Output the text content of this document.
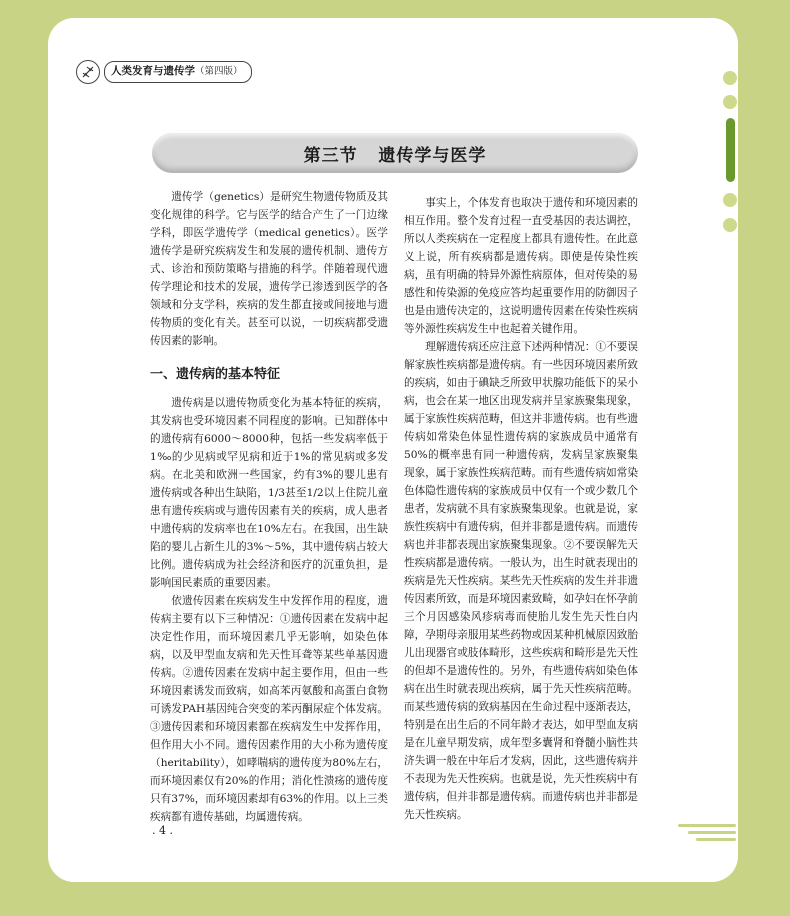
人类发育与遗传学（第四版）
第三节   遗传学与医学

遗传学（genetics）是研究生物遗传物质及其变化规律的科学。它与医学的结合产生了一门边缘学科，即医学遗传学（medical genetics）。医学遗传学是研究疾病发生和发展的遗传机制、遗传方式、诊治和预防策略与措施的科学。伴随着现代遗传学理论和技术的发展，遗传学已渗透到医学的各领域和分支学科，疾病的发生都直接或间接地与遗传物质的变化有关。甚至可以说，一切疾病都受遗传因素的影响。

一、遗传病的基本特征

遗传病是以遗传物质变化为基本特征的疾病，其发病也受环境因素不同程度的影响。已知群体中的遗传病有6000～8000种，包括一些发病率低于1‰的少见病或罕见病和近于1%的常见病或多发病。在北美和欧洲一些国家，约有3%的婴儿患有遗传病或各种出生缺陷，1/3甚至1/2以上住院儿童患有遗传疾病或与遗传因素有关的疾病，成人患者中遗传病的发病率也在10%左右。在我国，出生缺陷的婴儿占新生儿的3%～5%，其中遗传病占较大比例。遗传病成为社会经济和医疗的沉重负担，是影响国民素质的重要因素。

依遗传因素在疾病发生中发挥作用的程度，遗传病主要有以下三种情况：①遗传因素在发病中起决定性作用，而环境因素几乎无影响，如染色体病，以及甲型血友病和先天性耳聋等某些单基因遗传病。②遗传因素在发病中起主要作用，但由一些环境因素诱发而致病，如高苯丙氨酸和高蛋白食物可诱发PAH基因纯合突变的苯丙酮尿症个体发病。③遗传因素和环境因素都在疾病发生中发挥作用，但作用大小不同。遗传因素作用的大小称为遗传度（heritability），如哮喘病的遗传度为80%左右，而环境因素仅有20%的作用；消化性溃疡的遗传度只有37%，而环境因素却有63%的作用。以上三类疾病都有遗传基础，均属遗传病。

事实上，个体发育也取决于遗传和环境因素的相互作用。整个发育过程一直受基因的表达调控，所以人类疾病在一定程度上都具有遗传性。在此意义上说，所有疾病都是遗传病。即使是传染性疾病，虽有明确的特异外源性病原体，但对传染的易感性和传染源的免疫应答均起重要作用的防御因子也是由遗传决定的，这说明遗传因素在传染性疾病等外源性疾病发生中也起着关键作用。

理解遗传病还应注意下述两种情况：①不要误解家族性疾病都是遗传病。有一些因环境因素所致的疾病，如由于碘缺乏所致甲状腺功能低下的呆小病，也会在某一地区出现发病并呈家族聚集现象，属于家族性疾病范畴，但这并非遗传病。也有些遗传病如常染色体显性遗传病的家族成员中通常有50%的概率患有同一种遗传病，发病呈家族聚集现象，属于家族性疾病范畴。而有些遗传病如常染色体隐性遗传病的家族成员中仅有一个或少数几个患者，发病就不具有家族聚集现象。也就是说，家族性疾病中有遗传病，但并非都是遗传病。而遗传病也并非都表现出家族聚集现象。②不要误解先天性疾病都是遗传病。一般认为，出生时就表现出的疾病是先天性疾病。某些先天性疾病的发生并非遗传因素所致，而是环境因素致畸，如孕妇在怀孕前三个月因感染风疹病毒而使胎儿发生先天性白内障，孕期母亲服用某些药物或因某种机械原因致胎儿出现器官或肢体畸形，这些疾病和畸形是先天性的但却不是遗传性的。另外，有些遗传病如染色体病在出生时就表现出疾病，属于先天性疾病范畴。而某些遗传病的致病基因在生命过程中逐渐表达，特别是在出生后的不同年龄才表达，如甲型血友病是在儿童早期发病，成年型多囊肾和脊髓小脑性共济失调一般在中年后才发病，因此，这些遗传病并不表现为先天性疾病。也就是说，先天性疾病中有遗传病，但并非都是遗传病。而遗传病也并非都是先天性疾病。

. 4 .
